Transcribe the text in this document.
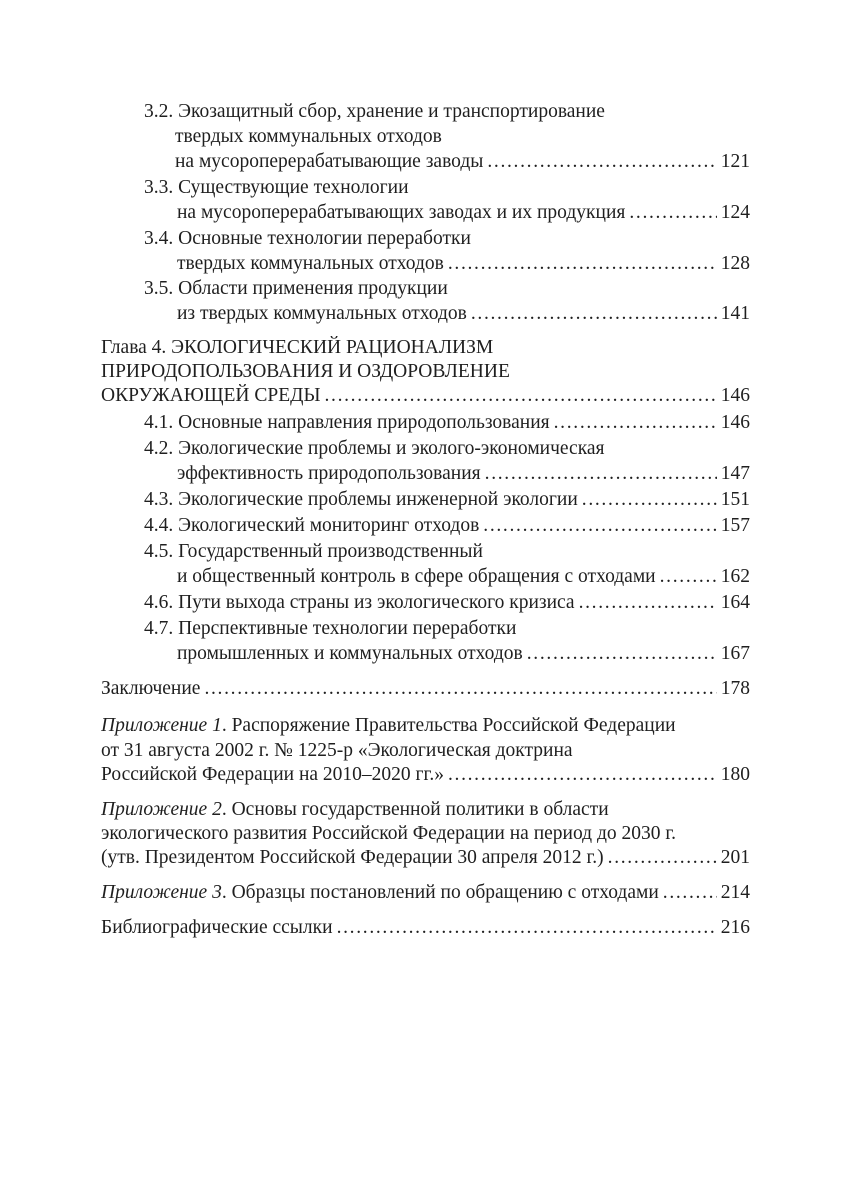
3.2. Экозащитный сбор, хранение и транспортирование
твердых коммунальных отходов
на мусороперерабатывающие заводы . . .	121
3.3. Существующие технологии
на мусороперерабатывающих заводах и их продукция . . .	124
3.4. Основные технологии переработки
твердых коммунальных отходов . . .	128
3.5. Области применения продукции
из твердых коммунальных отходов . . .	141
Глава 4. ЭКОЛОГИЧЕСКИЙ РАЦИОНАЛИЗМ
ПРИРОДОПОЛЬЗОВАНИЯ И ОЗДОРОВЛЕНИЕ
ОКРУЖАЮЩЕЙ СРЕДЫ . . .	146
4.1. Основные направления природопользования . . .	146
4.2. Экологические проблемы и эколого-экономическая
эффективность природопользования . . .	147
4.3. Экологические проблемы инженерной экологии . . .	151
4.4. Экологический мониторинг отходов . . .	157
4.5. Государственный производственный
и общественный контроль в сфере обращения с отходами . . .	162
4.6. Пути выхода страны из экологического кризиса . . .	164
4.7. Перспективные технологии переработки
промышленных и коммунальных отходов . . .	167
Заключение . . .	178
Приложение 1. Распоряжение Правительства Российской Федерации
от 31 августа 2002 г. № 1225-р «Экологическая доктрина
Российской Федерации на 2010–2020 гг.» . . .	180
Приложение 2. Основы государственной политики в области
экологического развития Российской Федерации на период до 2030 г.
(утв. Президентом Российской Федерации 30 апреля 2012 г.) . . .	201
Приложение 3. Образцы постановлений по обращению с отходами . . .	214
Библиографические ссылки . . .	216
